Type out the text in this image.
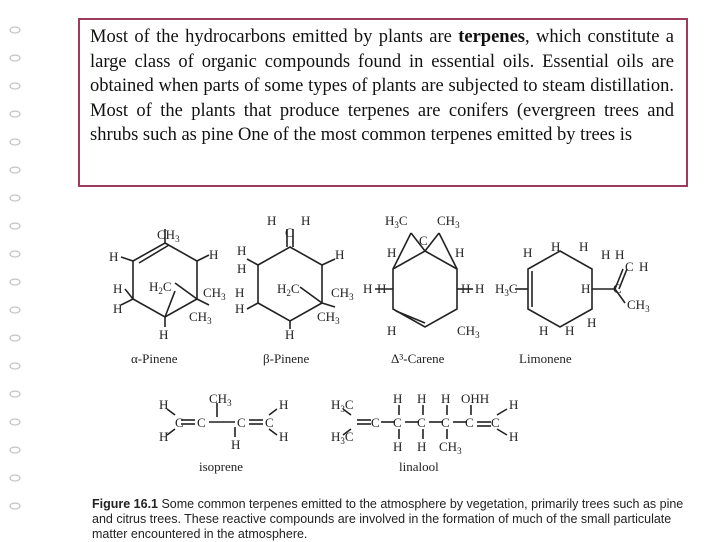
Most of the hydrocarbons emitted by plants are terpenes, which constitute a large class of organic compounds found in essential oils. Essential oils are obtained when parts of some types of plants are subjected to steam distillation. Most of the plants that produce terpenes are conifers (evergreen trees and shrubs such as pine One of the most common terpenes emitted by trees is
$CH_3$
H	H
H
H
$H_2C$ $CH_3$
$CH_3$
H
H H
C
H
H
H
H
H
$H_2C$ $CH_3$
$CH_3$
H
$H_3C$ $CH_3$
C
H	H
H H	H H
H	$CH_3$
H H H
H H
C H
$H_3C$	H C
$CH_3$
H H
H
H
H
$CH_3$
C C C C
H
H
H
$H_3C$
$H_3C$
C C C C C C
H H H OHH
H H $CH_3$
H
H
α-Pinene	β-Pinene	Δ³-Carene	Limonene
isoprene	linalool
Figure 16.1 Some common terpenes emitted to the atmosphere by vegetation, primarily trees such as pine and citrus trees. These reactive compounds are involved in the formation of much of the small particulate matter encountered in the atmosphere.
